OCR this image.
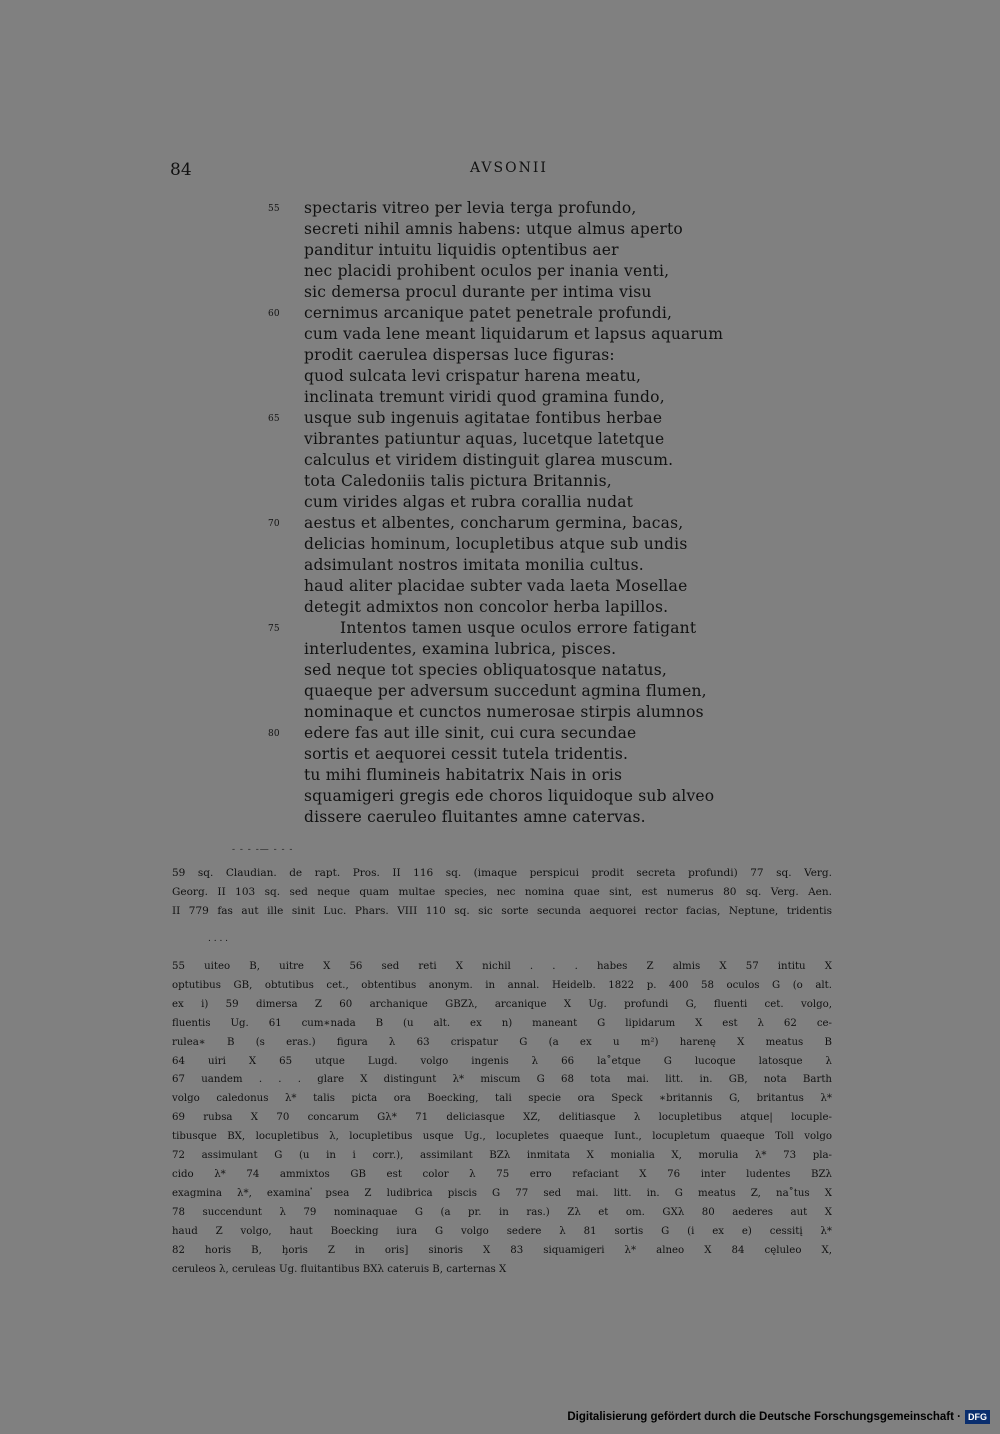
84	AVSONII
55	spectaris vitreo per levia terga profundo,
secreti nihil amnis habens: utque almus aperto
panditur intuitu liquidis optentibus aer
nec placidi prohibent oculos per inania venti,
sic demersa procul durante per intima visu
60	cernimus arcanique patet penetrale profundi,
cum vada lene meant liquidarum et lapsus aquarum
prodit caerulea dispersas luce figuras:
quod sulcata levi crispatur harena meatu,
inclinata tremunt viridi quod gramina fundo,
65	usque sub ingenuis agitatae fontibus herbae
vibrantes patiuntur aquas, lucetque latetque
calculus et viridem distinguit glarea muscum.
tota Caledoniis talis pictura Britannis,
cum virides algas et rubra corallia nudat
70	aestus et albentes, concharum germina, bacas,
delicias hominum, locupletibus atque sub undis
adsimulant nostros imitata monilia cultus.
haud aliter placidae subter vada laeta Mosellae
detegit admixtos non concolor herba lapillos.
75	Intentos tamen usque oculos errore fatigant
interludentes, examina lubrica, pisces.
sed neque tot species obliquatosque natatus,
quaeque per adversum succedunt agmina flumen,
nominaque et cunctos numerosae stirpis alumnos
80	edere fas aut ille sinit, cui cura secundae
sortis et aequorei cessit tutela tridentis.
tu mihi flumineis habitatrix Nais in oris
squamigeri gregis ede choros liquidoque sub alveo
dissere caeruleo fluitantes amne catervas.
- - - -— - - -

59 sq. Claudian. de rapt. Pros. II 116 sq. (imaque perspicui prodit secreta profundi) 77 sq. Verg.

Georg. II 103 sq. sed neque quam multae species, nec nomina quae sint, est numerus 80 sq. Verg. Aen.

II 779 fas aut ille sinit Luc. Phars. VIII 110 sq. sic sorte secunda aequorei rector facias, Neptune, tridentis

. . . .

55 uiteo B, uitre X 56 sed reti X nichil . . . habes Z almis X 57 intitu X

optutibus GB, obtutibus cet., obtentibus anonym. in annal. Heidelb. 1822 p. 400 58 oculos G (o alt.

ex i) 59 dimersa Z 60 archanique GBZλ, arcanique X Ug. profundi G, fluenti cet. volgo,

fluentis Ug. 61 cum∗nada B (u alt. ex n) maneant G lipidarum X est λ 62 ce-

rulea∗ B (s eras.) figura λ 63 crispatur G (a ex u m²) harenę X meatus B

64 uiri X 65 utque Lugd. volgo ingenis λ 66 la˚etque G lucoque latosque λ

67 uandem . . . glare X distingunt λ* miscum G 68 tota mai. litt. in. GB, nota Barth

volgo caledonus λ* talis picta ora Boecking, tali specie ora Speck ∗britannis G, britantus λ*

69 rubsa X 70 concarum Gλ* 71 deliciasque XZ, delitiasque λ locupletibus atque| locuple-

tibusque BX, locupletibus λ, locupletibus usque Ug., locupletes quaeque Iunt., locupletum quaeque Toll volgo

72 assimulant G (u in i corr.), assimilant BZλ inmitata X monialia X, morulia λ* 73 pla-

cido λ* 74 ammixtos GB est color λ 75 erro refaciant X 76 inter ludentes BZλ

exagmina λ*, examina ̓psea Z ludibrica piscis G 77 sed mai. litt. in. G meatus Z, na˚tus X

78 succendunt λ 79 nominaquae G (a pr. in ras.) Zλ et om. GXλ 80 aederes aut X

haud Z volgo, haut Boecking iura G volgo sedere λ 81 sortis G (i ex e) cessitį λ*

82 horis B, ḩoris Z in oris] sinoris X 83 siquamigeri λ* alneo X 84 cęluleo X,

ceruleos λ, ceruleas Ug. fluitantibus BXλ cateruis B, carternas X

Digitalisierung gefördert durch die Deutsche Forschungsgemeinschaft · DFG
